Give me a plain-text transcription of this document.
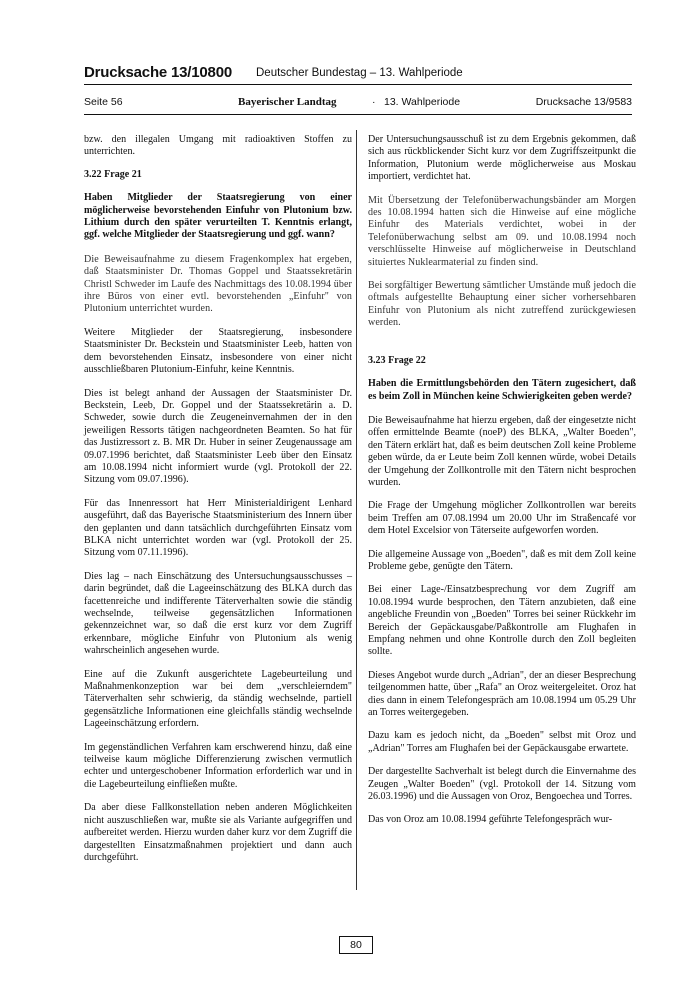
Drucksache 13/10800 Deutscher Bundestag – 13. Wahlperiode
Seite 56	Bayerischer Landtag	· 13. Wahlperiode	Drucksache 13/9583

bzw. den illegalen Umgang mit radioaktiven Stoffen zu unterrichten.

3.22 Frage 21

Haben Mitglieder der Staatsregierung von einer möglicherweise bevorstehenden Einfuhr von Plutonium bzw. Lithium durch den später verurteilten T. Kenntnis erlangt, ggf. welche Mitglieder der Staatsregierung und ggf. wann?

Die Beweisaufnahme zu diesem Fragenkomplex hat ergeben, daß Staatsminister Dr. Thomas Goppel und Staatssekretärin Christl Schweder im Laufe des Nachmittags des 10.08.1994 über ihre Büros von einer evtl. bevorstehenden „Einfuhr" von Plutonium unterrichtet wurden.

Weitere Mitglieder der Staatsregierung, insbesondere Staatsminister Dr. Beckstein und Staatsminister Leeb, hatten von dem bevorstehenden Einsatz, insbesondere von einer nicht ausschließbaren Plutonium-Einfuhr, keine Kenntnis.

Dies ist belegt anhand der Aussagen der Staatsminister Dr. Beckstein, Leeb, Dr. Goppel und der Staatssekretärin a. D. Schweder, sowie durch die Zeugeneinvernahmen der in den jeweiligen Ressorts tätigen nachgeordneten Beamten. So hat für das Justizressort z. B. MR Dr. Huber in seiner Zeugenaussage am 09.07.1996 berichtet, daß Staatsminister Leeb über den Einsatz am 10.08.1994 nicht informiert wurde (vgl. Protokoll der 22. Sitzung vom 09.07.1996).

Für das Innenressort hat Herr Ministerialdirigent Lenhard ausgeführt, daß das Bayerische Staatsministerium des Innern über den geplanten und dann tatsächlich durchgeführten Einsatz vom BLKA nicht unterrichtet worden war (vgl. Protokoll der 25. Sitzung vom 07.11.1996).

Dies lag – nach Einschätzung des Untersuchungsausschusses – darin begründet, daß die Lageeinschätzung des BLKA durch das facettenreiche und indifferente Täterverhalten sowie die ständig wechselnde, teilweise gegensätzlichen Informationen gekennzeichnet war, so daß die erst kurz vor dem Zugriff erkennbare, mögliche Einfuhr von Plutonium als wenig wahrscheinlich angesehen wurde.

Eine auf die Zukunft ausgerichtete Lagebeurteilung und Maßnahmenkonzeption war bei dem „verschleierndem" Täterverhalten sehr schwierig, da ständig wechselnde, partiell gegensätzliche Informationen eine gleichfalls ständig wechselnde Lageeinschätzung erfordern.

Im gegenständlichen Verfahren kam erschwerend hinzu, daß eine teilweise kaum mögliche Differenzierung zwischen vermutlich echter und untergeschobener Information erforderlich war und in die Lagebeurteilung einfließen mußte.

Da aber diese Fallkonstellation neben anderen Möglichkeiten nicht auszuschließen war, mußte sie als Variante aufgegriffen und aufbereitet werden. Hierzu wurden daher kurz vor dem Zugriff die dargestellten Einsatzmaßnahmen projektiert und dann auch durchgeführt.

Der Untersuchungsausschuß ist zu dem Ergebnis gekommen, daß sich aus rückblickender Sicht kurz vor dem Zugriffszeitpunkt die Information, Plutonium werde möglicherweise aus Moskau importiert, verdichtet hat.

Mit Übersetzung der Telefonüberwachungsbänder am Morgen des 10.08.1994 hatten sich die Hinweise auf eine mögliche Einfuhr des Materials verdichtet, wobei in der Telefonüberwachung selbst am 09. und 10.08.1994 noch verschlüsselte Hinweise auf möglicherweise in Deutschland situiertes Nuklearmaterial zu finden sind.

Bei sorgfältiger Bewertung sämtlicher Umstände muß jedoch die oftmals aufgestellte Behauptung einer sicher vorhersehbaren Einfuhr von Plutonium als nicht zutreffend zurückgewiesen werden.

3.23 Frage 22

Haben die Ermittlungsbehörden den Tätern zugesichert, daß es beim Zoll in München keine Schwierigkeiten geben werde?

Die Beweisaufnahme hat hierzu ergeben, daß der eingesetzte nicht offen ermittelnde Beamte (noeP) des BLKA, „Walter Boeden", den Tätern erklärt hat, daß es beim deutschen Zoll keine Probleme geben würde, da er Leute beim Zoll kennen würde, wobei Details der Umgehung der Zollkontrolle mit den Tätern nicht besprochen wurden.

Die Frage der Umgehung möglicher Zollkontrollen war bereits beim Treffen am 07.08.1994 um 20.00 Uhr im Straßencafé vor dem Hotel Excelsior von Täterseite aufgeworfen worden.

Die allgemeine Aussage von „Boeden", daß es mit dem Zoll keine Probleme gebe, genügte den Tätern.

Bei einer Lage-/Einsatzbesprechung vor dem Zugriff am 10.08.1994 wurde besprochen, den Tätern anzubieten, daß eine angebliche Freundin von „Boeden" Torres bei seiner Rückkehr im Bereich der Gepäckausgabe/Paßkontrolle am Flughafen in Empfang nehmen und ohne Kontrolle durch den Zoll begleiten sollte.

Dieses Angebot wurde durch „Adrian", der an dieser Besprechung teilgenommen hatte, über „Rafa" an Oroz weitergeleitet. Oroz hat dies dann in einem Telefongespräch am 10.08.1994 um 05.29 Uhr an Torres weitergegeben.

Dazu kam es jedoch nicht, da „Boeden" selbst mit Oroz und „Adrian" Torres am Flughafen bei der Gepäckausgabe erwartete.

Der dargestellte Sachverhalt ist belegt durch die Einvernahme des Zeugen „Walter Boeden" (vgl. Protokoll der 14. Sitzung vom 26.03.1996) und die Aussagen von Oroz, Bengoechea und Torres.

Das von Oroz am 10.08.1994 geführte Telefongespräch wur-

80
